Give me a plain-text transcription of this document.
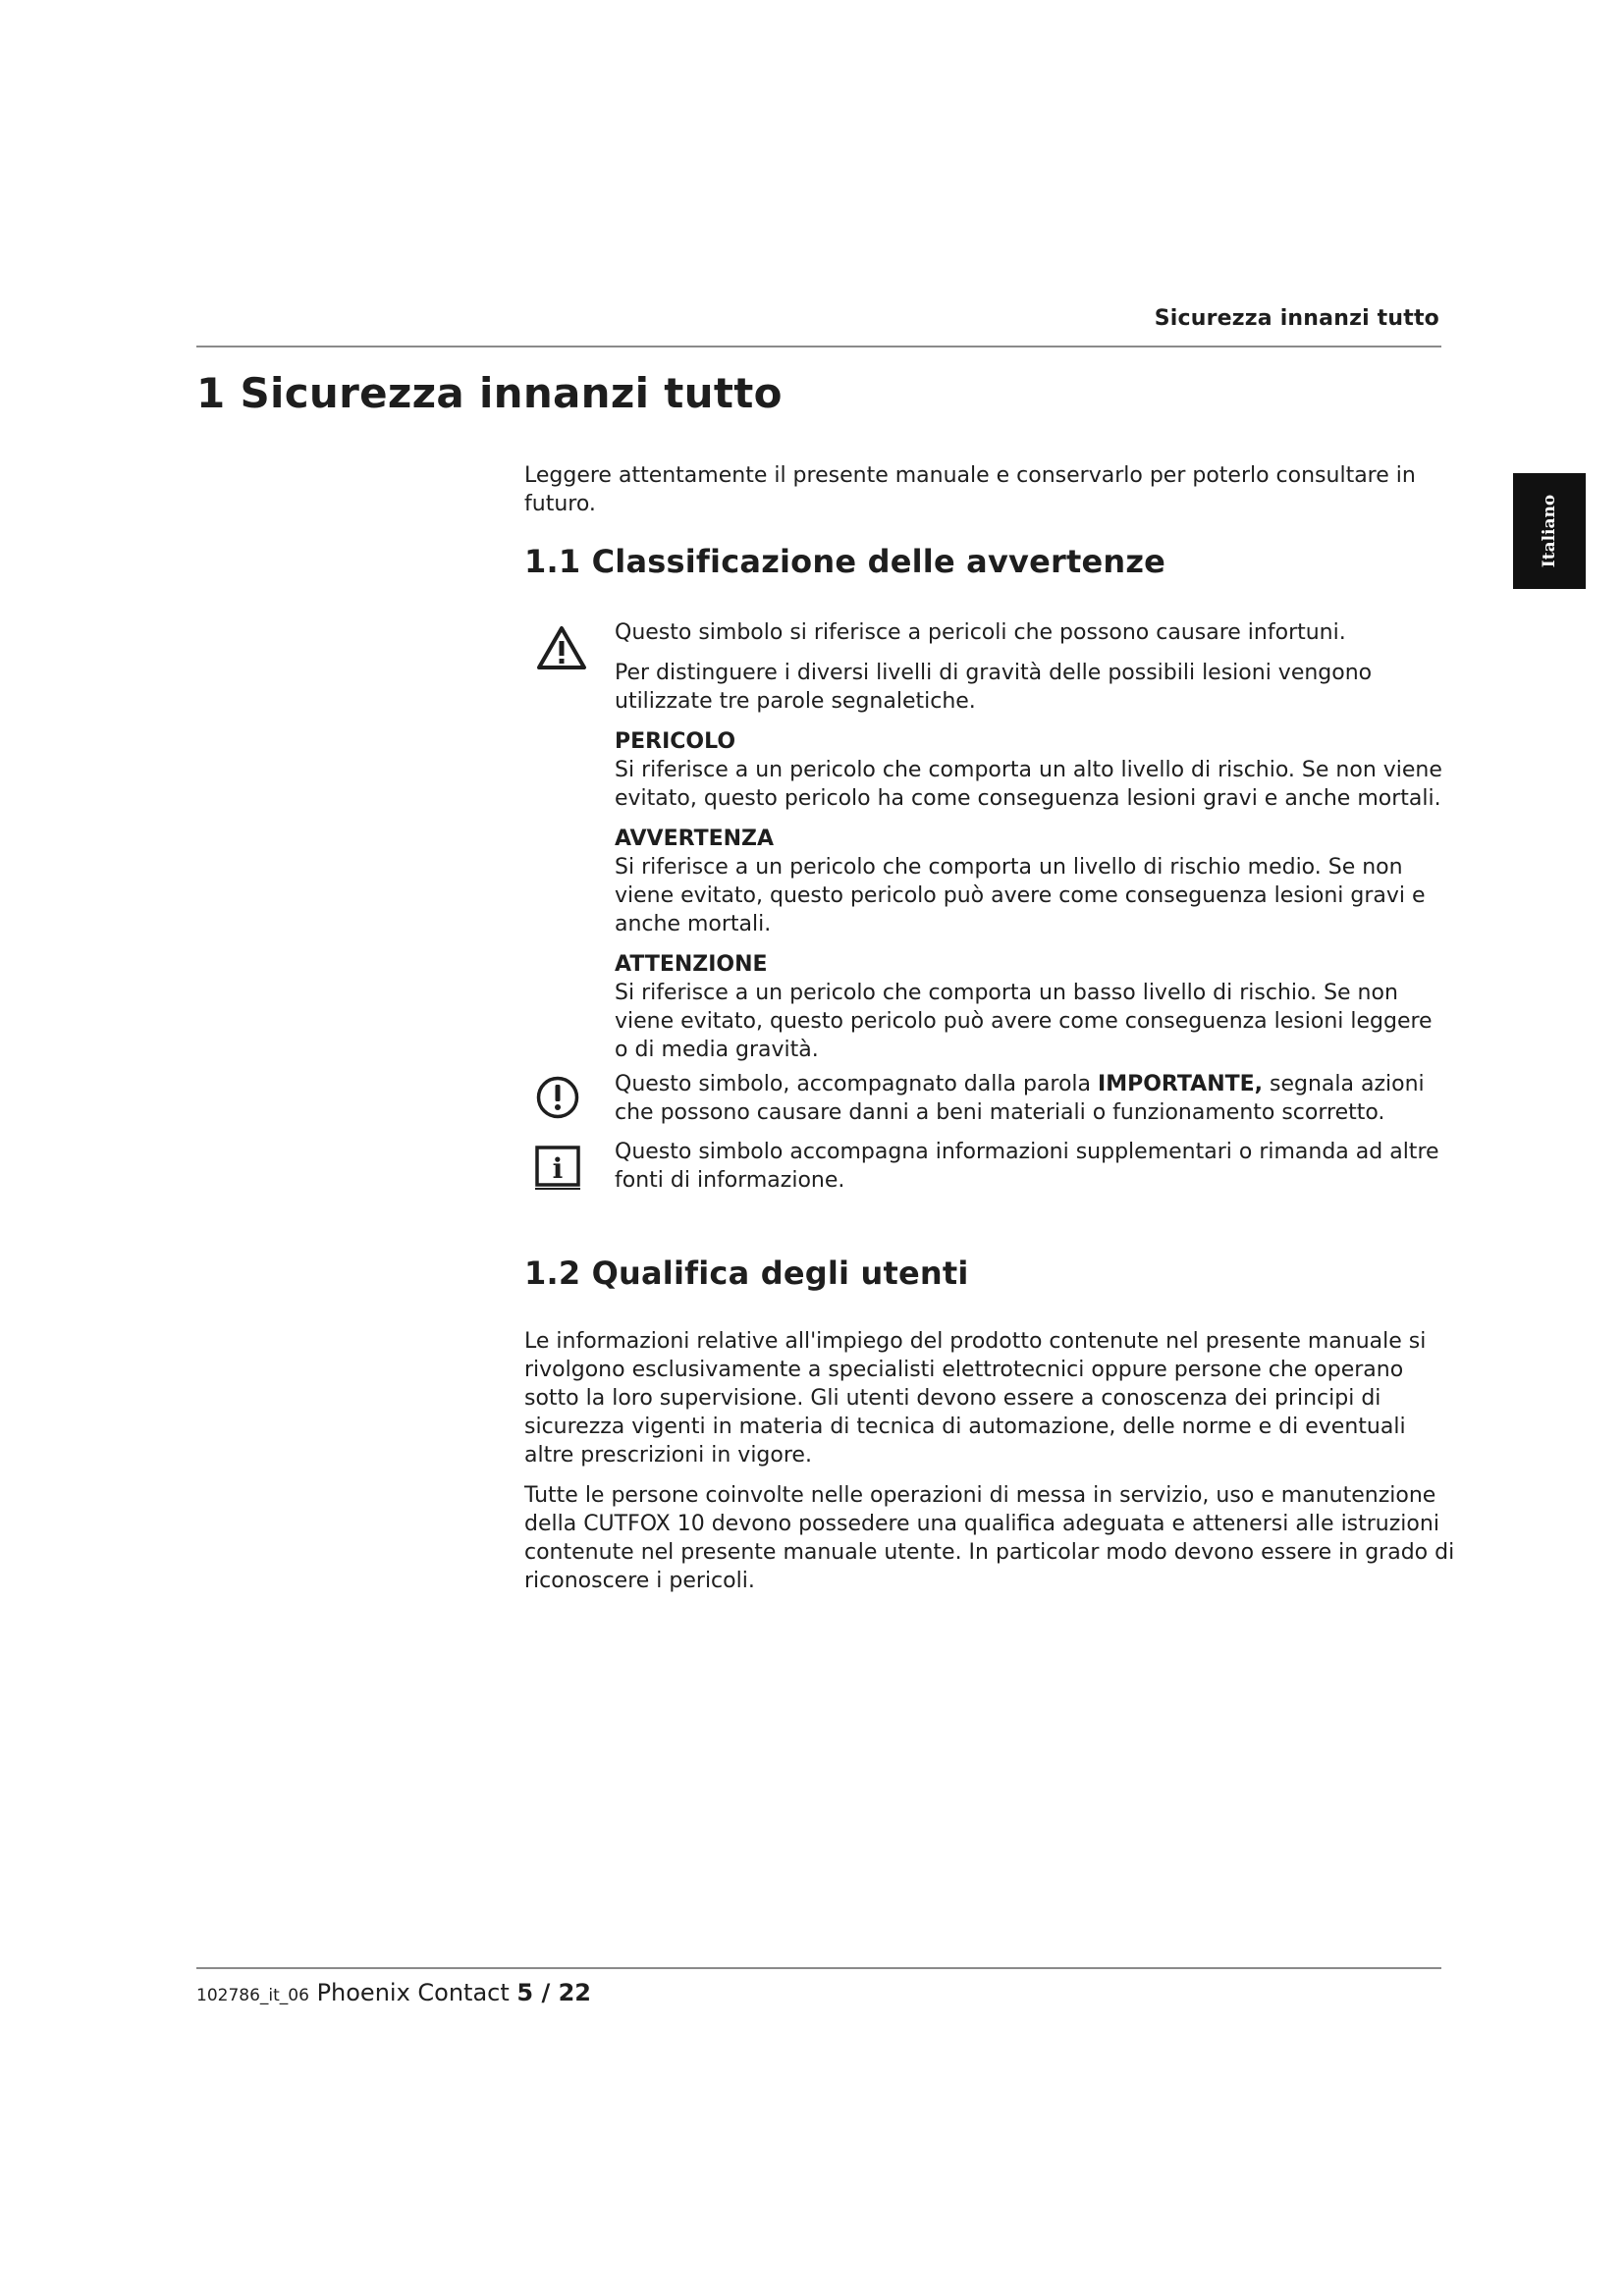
Sicurezza innanzi tutto
1 Sicurezza innanzi tutto
Italiano

Leggere attentamente il presente manuale e conservarlo per poterlo consultare in futuro.

1.1 Classificazione delle avvertenze

Questo simbolo si riferisce a pericoli che possono causare infortuni.

Per distinguere i diversi livelli di gravità delle possibili lesioni vengono utilizzate tre parole segnaletiche.

PERICOLO
Si riferisce a un pericolo che comporta un alto livello di rischio. Se non viene evitato, questo pericolo ha come conseguenza lesioni gravi e anche mortali.

AVVERTENZA
Si riferisce a un pericolo che comporta un livello di rischio medio. Se non viene evitato, questo pericolo può avere come conseguenza lesioni gravi e anche mortali.

ATTENZIONE
Si riferisce a un pericolo che comporta un basso livello di rischio. Se non viene evitato, questo pericolo può avere come conseguenza lesioni leggere o di media gravità.

Questo simbolo, accompagnato dalla parola IMPORTANTE, segnala azioni che possono causare danni a beni materiali o funzionamento scorretto.

i

Questo simbolo accompagna informazioni supplementari o rimanda ad altre fonti di informazione.

1.2 Qualifica degli utenti

Le informazioni relative all'impiego del prodotto contenute nel presente manuale si rivolgono esclusivamente a specialisti elettrotecnici oppure persone che operano sotto la loro supervisione. Gli utenti devono essere a conoscenza dei principi di sicurezza vigenti in materia di tecnica di automazione, delle norme e di eventuali altre prescrizioni in vigore.

Tutte le persone coinvolte nelle operazioni di messa in servizio, uso e manutenzione della CUTFOX 10 devono possedere una qualifica adeguata e attenersi alle istruzioni contenute nel presente manuale utente. In particolar modo devono essere in grado di riconoscere i pericoli.

102786_it_06 Phoenix Contact 5 / 22
